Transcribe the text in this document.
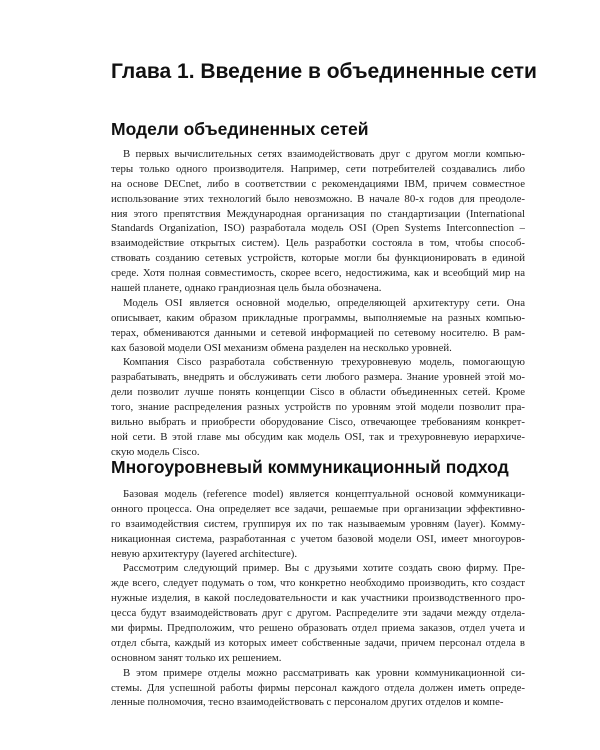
Глава 1. Введение в объединенные сети
Модели объединенных сетей
В первых вычислительных сетях взаимодействовать друг с другом могли компью-
теры только одного производителя. Например, сети потребителей создавались либо
на основе DECnet, либо в соответствии с рекомендациями IBM, причем совместное
использование этих технологий было невозможно. В начале 80-х годов для преодоле-
ния этого препятствия Международная организация по стандартизации (International
Standards Organization, ISO) разработала модель OSI (Open Systems Interconnection –
взаимодействие открытых систем). Цель разработки состояла в том, чтобы способ-
ствовать созданию сетевых устройств, которые могли бы функционировать в единой
среде. Хотя полная совместимость, скорее всего, недостижима, как и всеобщий мир на
нашей планете, однако грандиозная цель была обозначена.
Модель OSI является основной моделью, определяющей архитектуру сети. Она
описывает, каким образом прикладные программы, выполняемые на разных компью-
терах, обмениваются данными и сетевой информацией по сетевому носителю. В рам-
ках базовой модели OSI механизм обмена разделен на несколько уровней.
Компания Cisco разработала собственную трехуровневую модель, помогающую
разрабатывать, внедрять и обслуживать сети любого размера. Знание уровней этой мо-
дели позволит лучше понять концепции Cisco в области объединенных сетей. Кроме
того, знание распределения разных устройств по уровням этой модели позволит пра-
вильно выбрать и приобрести оборудование Cisco, отвечающее требованиям конкрет-
ной сети. В этой главе мы обсудим как модель OSI, так и трехуровневую иерархиче-
скую модель Cisco.
Многоуровневый коммуникационный подход
Базовая модель (reference model) является концептуальной основой коммуникаци-
онного процесса. Она определяет все задачи, решаемые при организации эффективно-
го взаимодействия систем, группируя их по так называемым уровням (layer). Комму-
никационная система, разработанная с учетом базовой модели OSI, имеет многоуров-
невую архитектуру (layered architecture).
Рассмотрим следующий пример. Вы с друзьями хотите создать свою фирму. Пре-
жде всего, следует подумать о том, что конкретно необходимо производить, кто создаст
нужные изделия, в какой последовательности и как участники производственного про-
цесса будут взаимодействовать друг с другом. Распределите эти задачи между отдела-
ми фирмы. Предположим, что решено образовать отдел приема заказов, отдел учета и
отдел сбыта, каждый из которых имеет собственные задачи, причем персонал отдела в
основном занят только их решением.
В этом примере отделы можно рассматривать как уровни коммуникационной си-
стемы. Для успешной работы фирмы персонал каждого отдела должен иметь опреде-
ленные полномочия, тесно взаимодействовать с персоналом других отделов и компе-
